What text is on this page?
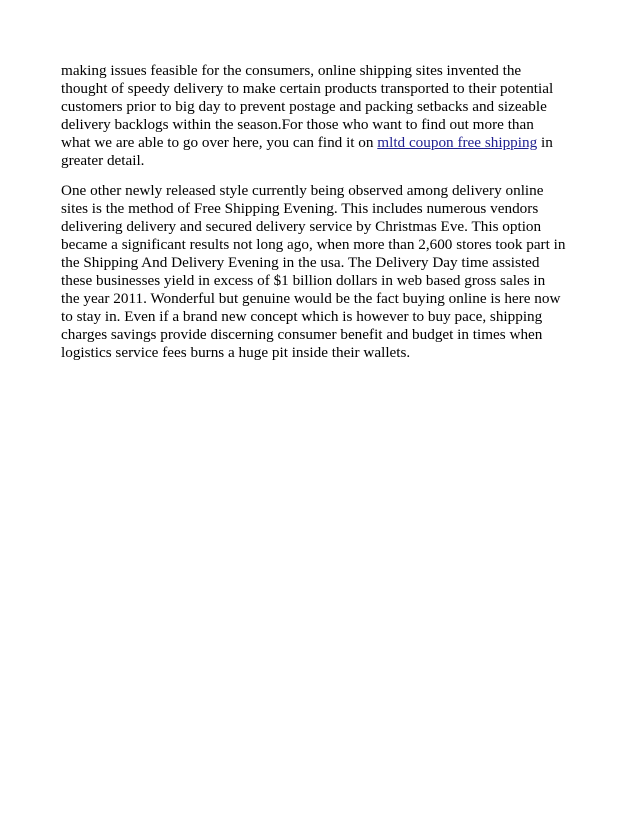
making issues feasible for the consumers, online shipping sites invented the
thought of speedy delivery to make certain products transported to their potential
customers prior to big day to prevent postage and packing setbacks and sizeable
delivery backlogs within the season.For those who want to find out more than
what we are able to go over here, you can find it on mltd coupon free shipping in
greater detail.
One other newly released style currently being observed among delivery online
sites is the method of Free Shipping Evening. This includes numerous vendors
delivering delivery and secured delivery service by Christmas Eve. This option
became a significant results not long ago, when more than 2,600 stores took part in
the Shipping And Delivery Evening in the usa. The Delivery Day time assisted
these businesses yield in excess of $1 billion dollars in web based gross sales in
the year 2011. Wonderful but genuine would be the fact buying online is here now
to stay in. Even if a brand new concept which is however to buy pace, shipping
charges savings provide discerning consumer benefit and budget in times when
logistics service fees burns a huge pit inside their wallets.
